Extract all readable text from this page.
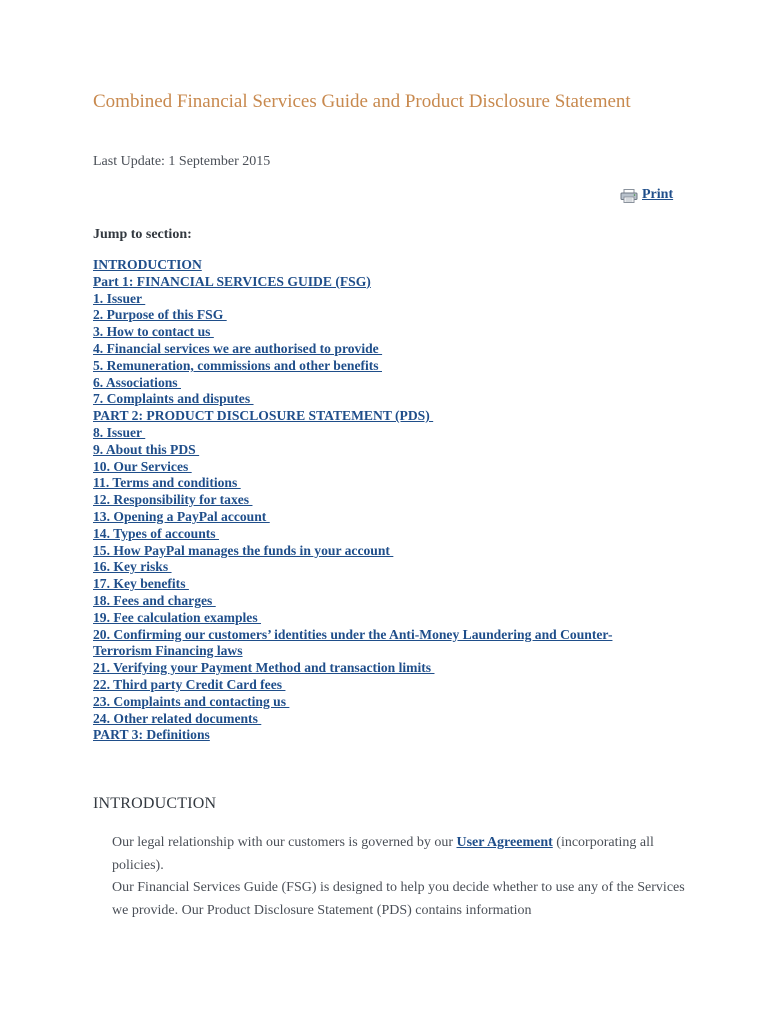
Combined Financial Services Guide and Product Disclosure Statement

Last Update: 1 September 2015

Print

Jump to section:

INTRODUCTION
Part 1: FINANCIAL SERVICES GUIDE (FSG)
1. Issuer
2. Purpose of this FSG
3. How to contact us
4. Financial services we are authorised to provide
5. Remuneration, commissions and other benefits
6. Associations
7. Complaints and disputes
PART 2: PRODUCT DISCLOSURE STATEMENT (PDS)
8. Issuer
9. About this PDS
10. Our Services
11. Terms and conditions
12. Responsibility for taxes
13. Opening a PayPal account
14. Types of accounts
15. How PayPal manages the funds in your account
16. Key risks
17. Key benefits
18. Fees and charges
19. Fee calculation examples
20. Confirming our customers’ identities under the Anti-Money Laundering and Counter-Terrorism Financing laws
21. Verifying your Payment Method and transaction limits
22. Third party Credit Card fees
23. Complaints and contacting us
24. Other related documents
PART 3: Definitions
INTRODUCTION

Our legal relationship with our customers is governed by our User Agreement (incorporating all policies).

Our Financial Services Guide (FSG) is designed to help you decide whether to use any of the Services we provide. Our Product Disclosure Statement (PDS) contains information
